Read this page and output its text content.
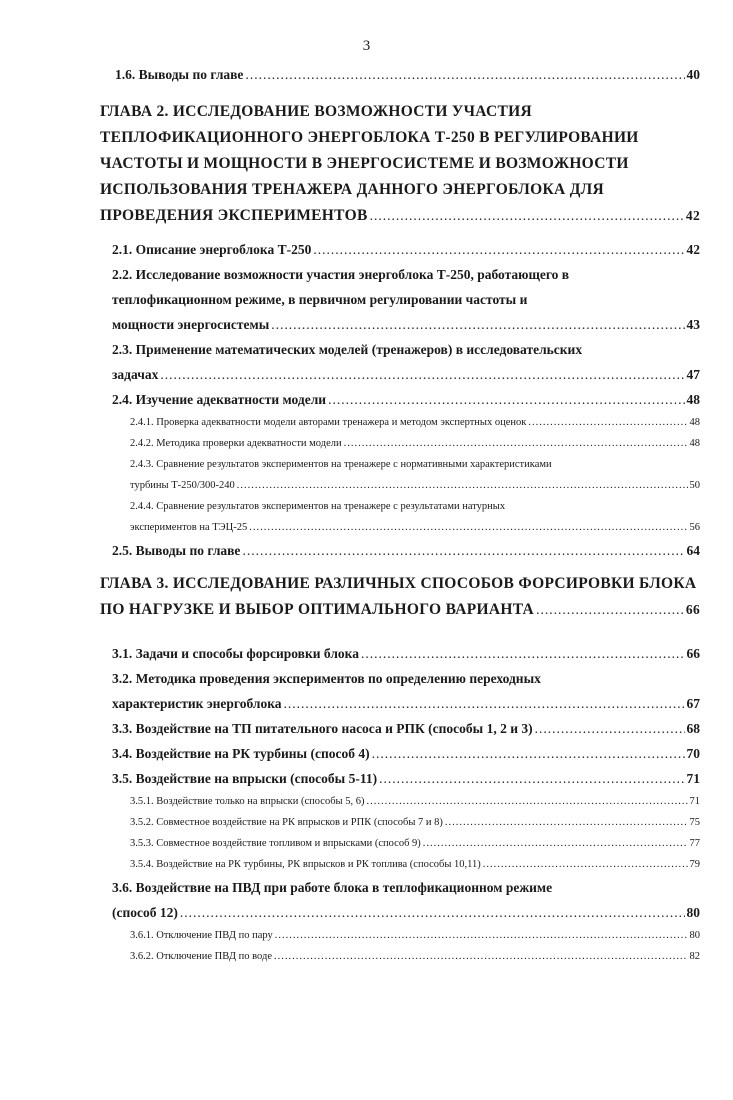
3
1.6. Выводы по главе .....	40
ГЛАВА 2. ИССЛЕДОВАНИЕ ВОЗМОЖНОСТИ УЧАСТИЯ
ТЕПЛОФИКАЦИОННОГО ЭНЕРГОБЛОКА Т-250 В РЕГУЛИРОВАНИИ
ЧАСТОТЫ И МОЩНОСТИ В ЭНЕРГОСИСТЕМЕ И ВОЗМОЖНОСТИ
ИСПОЛЬЗОВАНИЯ ТРЕНАЖЕРА ДАННОГО ЭНЕРГОБЛОКА ДЛЯ
ПРОВЕДЕНИЯ ЭКСПЕРИМЕНТОВ .....	42
2.1. Описание энергоблока Т-250 .....	42
2.2. Исследование возможности участия энергоблока Т-250, работающего в
теплофикационном режиме, в первичном регулировании частоты и
мощности энергосистемы .....	43
2.3. Применение математических моделей (тренажеров) в исследовательских
задачах .....	47
2.4. Изучение адекватности модели .....	48
2.4.1. Проверка адекватности модели авторами тренажера и методом экспертных оценок .....	48
2.4.2. Методика проверки адекватности модели .....	48
2.4.3. Сравнение результатов экспериментов на тренажере с нормативными характеристиками
турбины Т-250/300-240 .....	50
2.4.4. Сравнение результатов экспериментов на тренажере с результатами натурных
экспериментов на ТЭЦ-25 .....	56
2.5. Выводы по главе .....	64
ГЛАВА 3. ИССЛЕДОВАНИЕ РАЗЛИЧНЫХ СПОСОБОВ ФОРСИРОВКИ БЛОКА
ПО НАГРУЗКЕ И ВЫБОР ОПТИМАЛЬНОГО ВАРИАНТА .....	66
3.1. Задачи и способы форсировки блока .....	66
3.2. Методика проведения экспериментов по определению переходных
характеристик энергоблока .....	67
3.3. Воздействие на ТП питательного насоса и РПК (способы 1, 2 и 3) .....	68
3.4. Воздействие на РК турбины (способ 4) .....	70
3.5. Воздействие на впрыски (способы 5-11) .....	71
3.5.1. Воздействие только на впрыски (способы 5, 6) .....	71
3.5.2. Совместное воздействие на РК впрысков и РПК (способы 7 и 8) .....	75
3.5.3. Совместное воздействие топливом и впрысками (способ 9) .....	77
3.5.4. Воздействие на РК турбины, РК впрысков и РК топлива (способы 10,11) .....	79
3.6. Воздействие на ПВД при работе блока в теплофикационном режиме
(способ 12) .....	80
3.6.1. Отключение ПВД по пару .....	80
3.6.2. Отключение ПВД по воде .....	82
